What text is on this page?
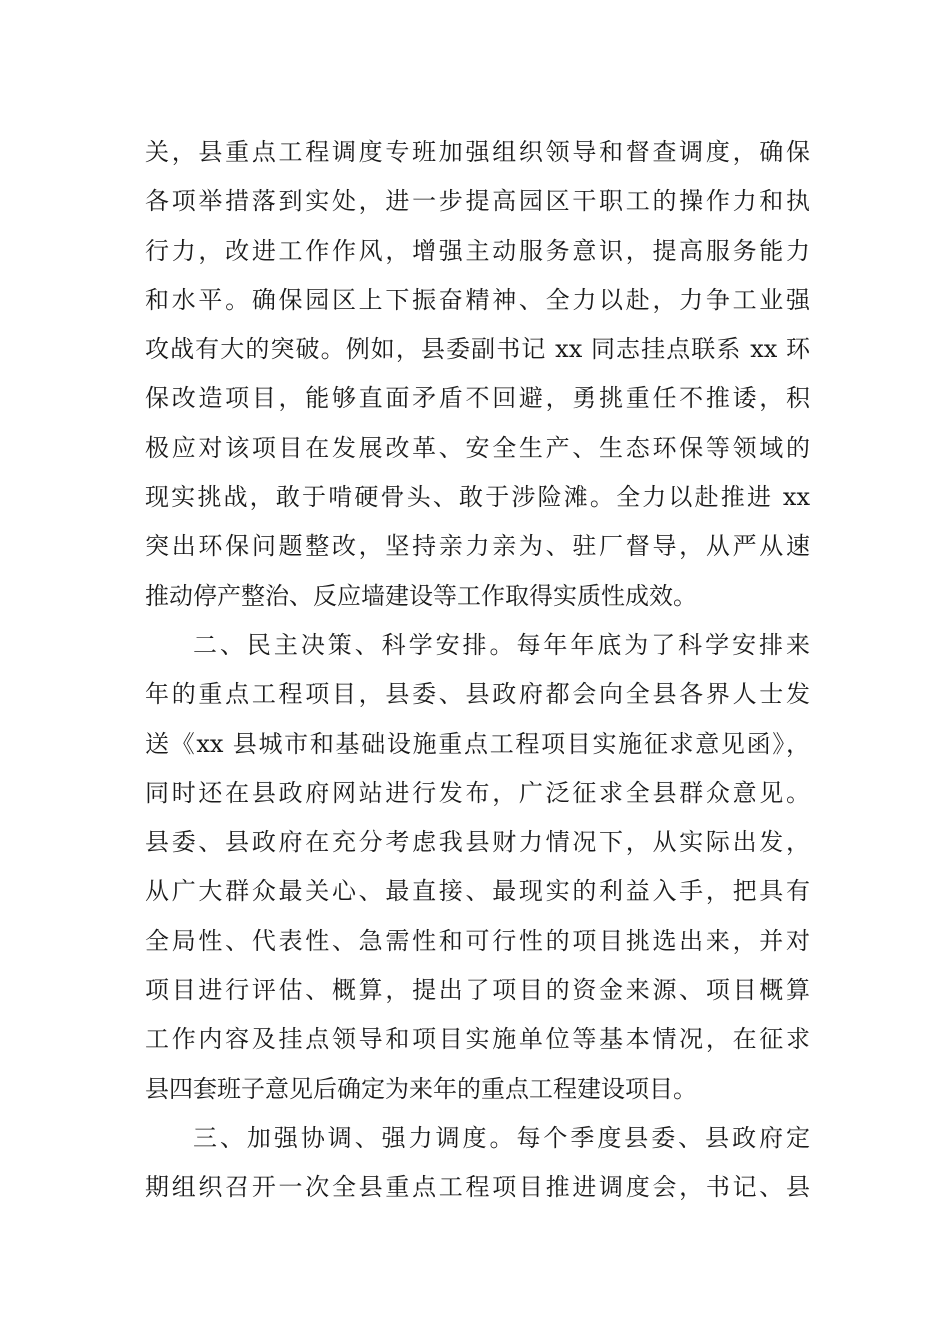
关，县重点工程调度专班加强组织领导和督查调度，确保
各项举措落到实处，进一步提高园区干职工的操作力和执
行力，改进工作作风，增强主动服务意识，提高服务能力
和水平。确保园区上下振奋精神、全力以赴，力争工业强
攻战有大的突破。例如，县委副书记 xx 同志挂点联系 xx 环
保改造项目，能够直面矛盾不回避，勇挑重任不推诿，积
极应对该项目在发展改革、安全生产、生态环保等领域的
现实挑战，敢于啃硬骨头、敢于涉险滩。全力以赴推进 xx
突出环保问题整改，坚持亲力亲为、驻厂督导，从严从速
推动停产整治、反应墙建设等工作取得实质性成效。
二、民主决策、科学安排。每年年底为了科学安排来
年的重点工程项目，县委、县政府都会向全县各界人士发
送《xx 县城市和基础设施重点工程项目实施征求意见函》，
同时还在县政府网站进行发布，广泛征求全县群众意见。
县委、县政府在充分考虑我县财力情况下，从实际出发，
从广大群众最关心、最直接、最现实的利益入手，把具有
全局性、代表性、急需性和可行性的项目挑选出来，并对
项目进行评估、概算，提出了项目的资金来源、项目概算
工作内容及挂点领导和项目实施单位等基本情况，在征求
县四套班子意见后确定为来年的重点工程建设项目。
三、加强协调、强力调度。每个季度县委、县政府定
期组织召开一次全县重点工程项目推进调度会，书记、县
